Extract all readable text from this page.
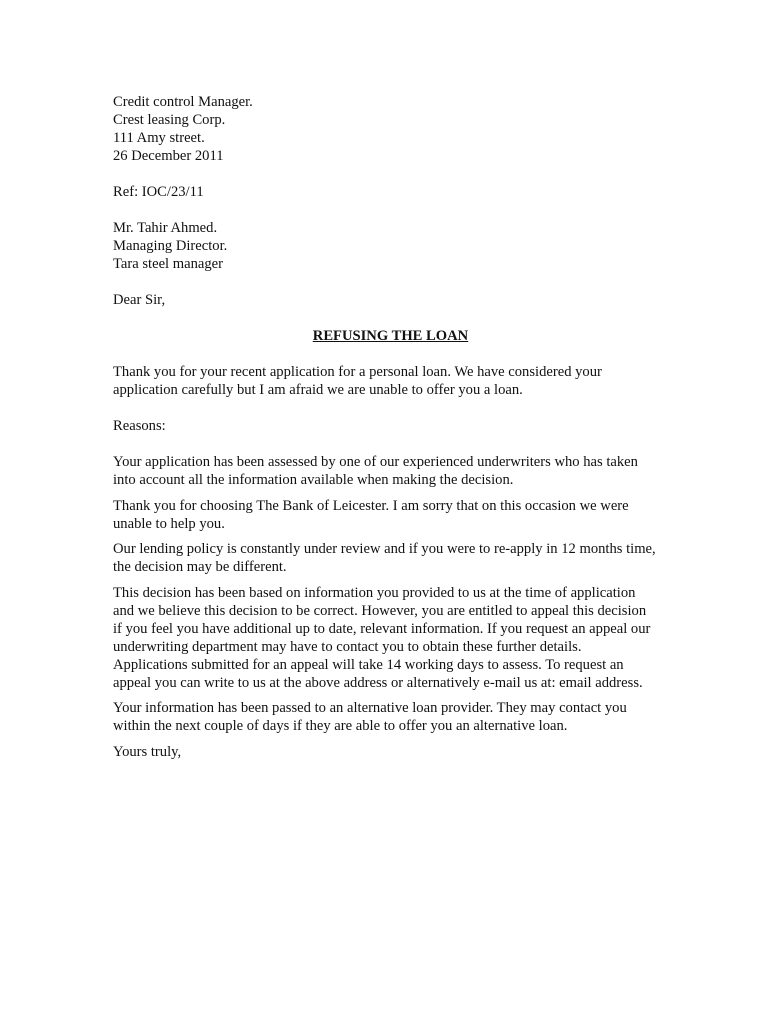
Credit control Manager.
Crest leasing Corp.
111 Amy street.
26 December 2011
Ref: IOC/23/11
Mr. Tahir Ahmed.
Managing Director.
Tara steel manager
Dear Sir,
REFUSING THE LOAN

Thank you for your recent application for a personal loan. We have considered your application carefully but I am afraid we are unable to offer you a loan.

Reasons:

Your application has been assessed by one of our experienced underwriters who has taken into account all the information available when making the decision.

Thank you for choosing The Bank of Leicester. I am sorry that on this occasion we were unable to help you.

Our lending policy is constantly under review and if you were to re-apply in 12 months time, the decision may be different.

This decision has been based on information you provided to us at the time of application and we believe this decision to be correct. However, you are entitled to appeal this decision if you feel you have additional up to date, relevant information. If you request an appeal our underwriting department may have to contact you to obtain these further details. Applications submitted for an appeal will take 14 working days to assess. To request an appeal you can write to us at the above address or alternatively e-mail us at: email address.

Your information has been passed to an alternative loan provider. They may contact you within the next couple of days if they are able to offer you an alternative loan.

Yours truly,
